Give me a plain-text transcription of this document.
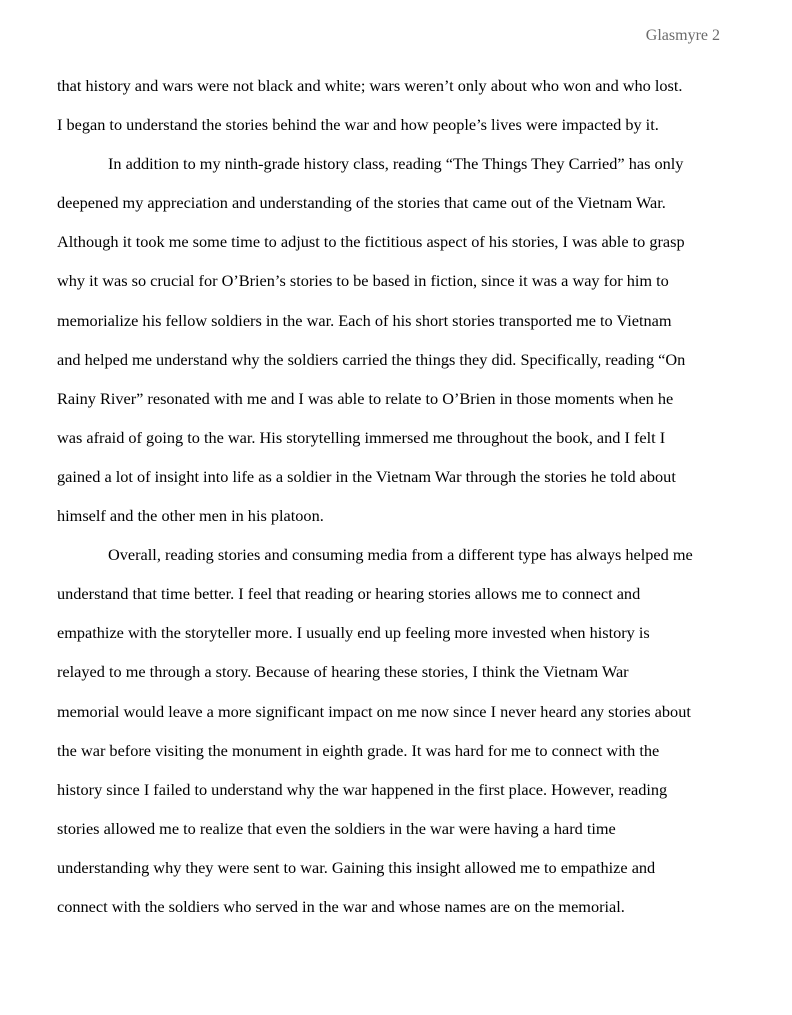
Glasmyre 2
that history and wars were not black and white; wars weren’t only about who won and who lost.
I began to understand the stories behind the war and how people’s lives were impacted by it.
In addition to my ninth-grade history class, reading “The Things They Carried” has only
deepened my appreciation and understanding of the stories that came out of the Vietnam War.
Although it took me some time to adjust to the fictitious aspect of his stories, I was able to grasp
why it was so crucial for O’Brien’s stories to be based in fiction, since it was a way for him to
memorialize his fellow soldiers in the war. Each of his short stories transported me to Vietnam
and helped me understand why the soldiers carried the things they did. Specifically, reading “On
Rainy River” resonated with me and I was able to relate to O’Brien in those moments when he
was afraid of going to the war. His storytelling immersed me throughout the book, and I felt I
gained a lot of insight into life as a soldier in the Vietnam War through the stories he told about
himself and the other men in his platoon.
Overall, reading stories and consuming media from a different type has always helped me
understand that time better. I feel that reading or hearing stories allows me to connect and
empathize with the storyteller more. I usually end up feeling more invested when history is
relayed to me through a story. Because of hearing these stories, I think the Vietnam War
memorial would leave a more significant impact on me now since I never heard any stories about
the war before visiting the monument in eighth grade. It was hard for me to connect with the
history since I failed to understand why the war happened in the first place. However, reading
stories allowed me to realize that even the soldiers in the war were having a hard time
understanding why they were sent to war. Gaining this insight allowed me to empathize and
connect with the soldiers who served in the war and whose names are on the memorial.
